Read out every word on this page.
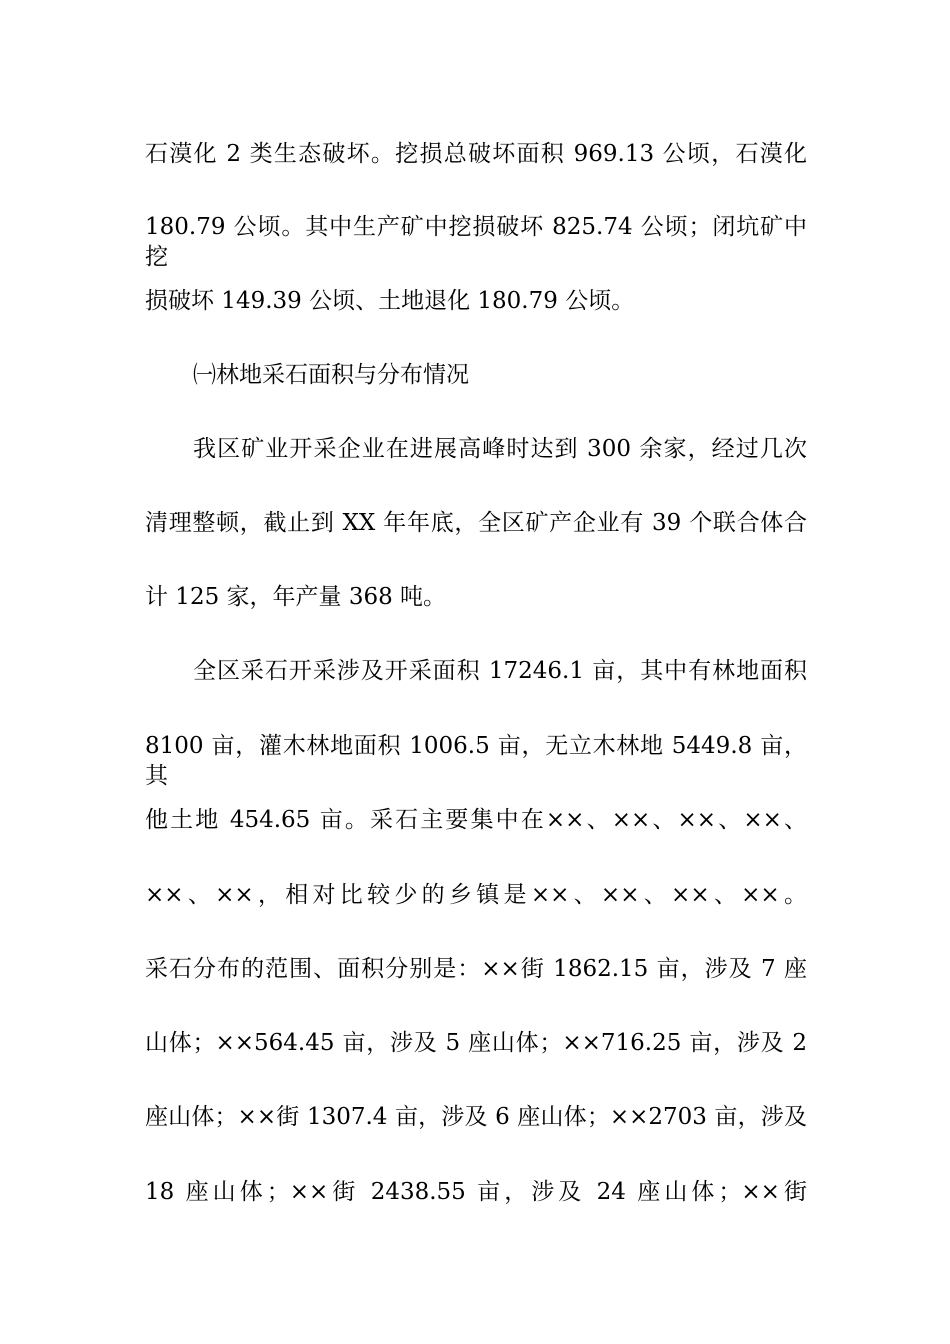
石漠化 2 类生态破坏。挖损总破坏面积 969.13 公顷，石漠化
180.79 公顷。其中生产矿中挖损破坏 825.74 公顷；闭坑矿中挖
损破坏 149.39 公顷、土地退化 180.79 公顷。
㈠林地采石面积与分布情况
我区矿业开采企业在进展高峰时达到 300 余家，经过几次
清理整顿，截止到 XX 年年底，全区矿产企业有 39 个联合体合
计 125 家，年产量 368 吨。
全区采石开采涉及开采面积 17246.1 亩，其中有林地面积
8100 亩，灌木林地面积 1006.5 亩，无立木林地 5449.8 亩，其
他土地 454.65 亩。采石主要集中在××、××、××、××、
××、××，相对比较少的乡镇是××、××、××、××。
采石分布的范围、面积分别是：××街 1862.15 亩，涉及 7 座
山体；××564.45 亩，涉及 5 座山体；××716.25 亩，涉及 2
座山体；××街 1307.4 亩，涉及 6 座山体；××2703 亩，涉及
18 座山体；××街 2438.55 亩，涉及 24 座山体；××街
